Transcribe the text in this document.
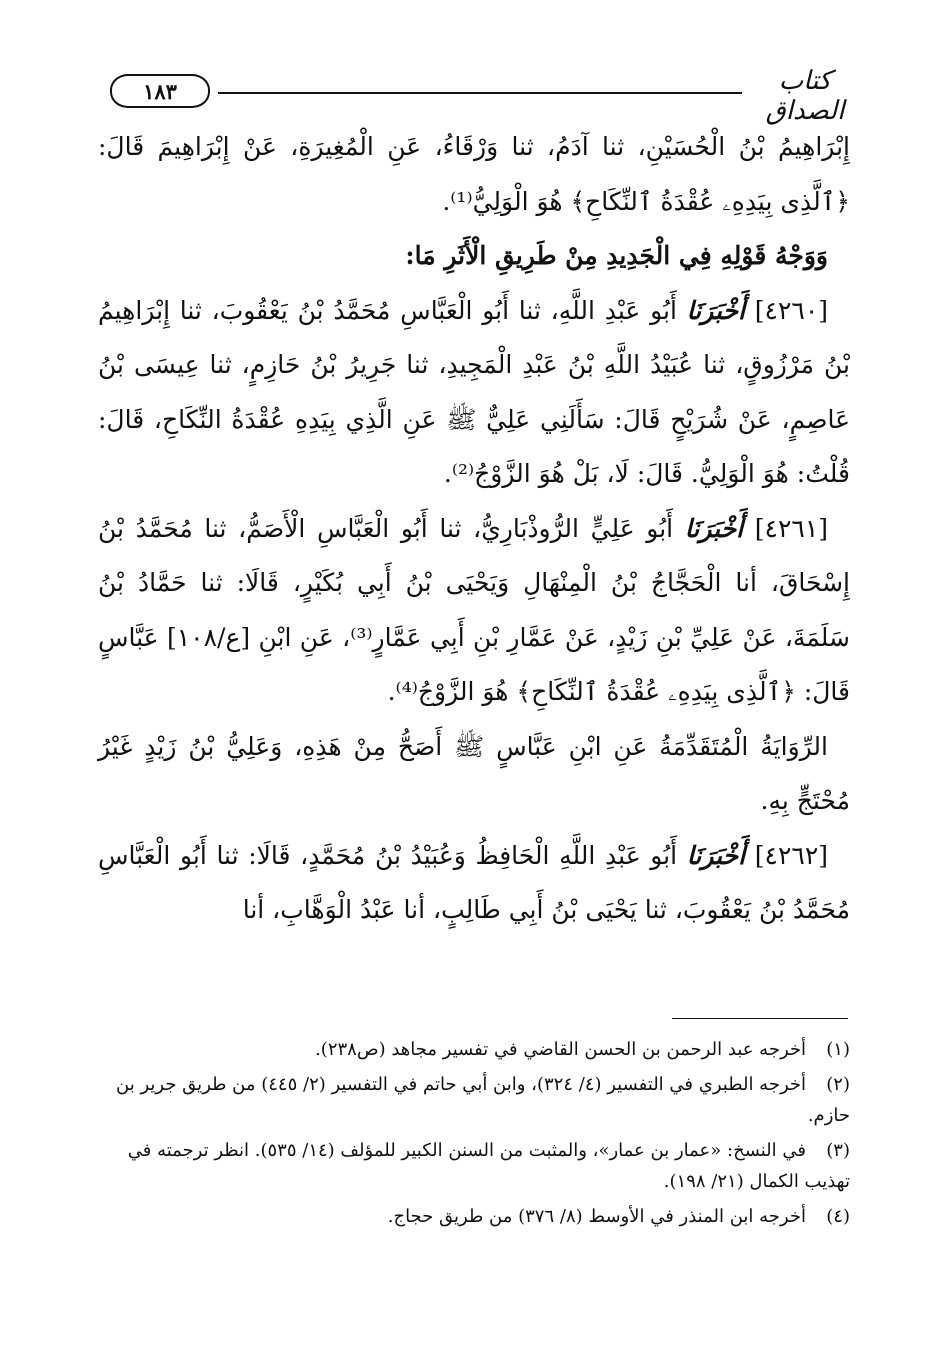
١٨٣	كتاب الصداق

إِبْرَاهِيمُ بْنُ الْحُسَيْنِ، ثنا آدَمُ، ثنا وَرْقَاءُ، عَنِ الْمُغِيرَةِ، عَنْ إِبْرَاهِيمَ قَالَ: ﴿ٱلَّذِى بِيَدِهِۦ عُقْدَةُ ٱلنِّكَاحِ﴾ هُوَ الْوَلِيُّ⁽¹⁾.

وَوَجْهُ قَوْلِهِ فِي الْجَدِيدِ مِنْ طَرِيقِ الْأَثَرِ مَا:

[٤٢٦٠] أَخْبَرَنَا أَبُو عَبْدِ اللَّهِ، ثنا أَبُو الْعَبَّاسِ مُحَمَّدُ بْنُ يَعْقُوبَ، ثنا إِبْرَاهِيمُ بْنُ مَرْزُوقٍ، ثنا عُبَيْدُ اللَّهِ بْنُ عَبْدِ الْمَجِيدِ، ثنا جَرِيرُ بْنُ حَازِمٍ، ثنا عِيسَى بْنُ عَاصِمٍ، عَنْ شُرَيْحٍ قَالَ: سَأَلَنِي عَلِيٌّ ﷺ عَنِ الَّذِي بِيَدِهِ عُقْدَةُ النِّكَاحِ، قَالَ: قُلْتُ: هُوَ الْوَلِيُّ. قَالَ: لَا، بَلْ هُوَ الزَّوْجُ⁽²⁾.

[٤٢٦١] أَخْبَرَنَا أَبُو عَلِيٍّ الرُّوذْبَارِيُّ، ثنا أَبُو الْعَبَّاسِ الْأَصَمُّ، ثنا مُحَمَّدُ بْنُ إِسْحَاقَ، أنا الْحَجَّاجُ بْنُ الْمِنْهَالِ وَيَحْيَى بْنُ أَبِي بُكَيْرٍ، قَالَا: ثنا حَمَّادُ بْنُ سَلَمَةَ، عَنْ عَلِيِّ بْنِ زَيْدٍ، عَنْ عَمَّارِ بْنِ أَبِي عَمَّارٍ⁽³⁾، عَنِ ابْنِ [ع/١٠٨] عَبَّاسٍ قَالَ: ﴿ٱلَّذِى بِيَدِهِۦ عُقْدَةُ ٱلنِّكَاحِ﴾ هُوَ الزَّوْجُ⁽⁴⁾.

الرِّوَايَةُ الْمُتَقَدِّمَةُ عَنِ ابْنِ عَبَّاسٍ ﷺ أَصَحُّ مِنْ هَذِهِ، وَعَلِيُّ بْنُ زَيْدٍ غَيْرُ مُحْتَجٍّ بِهِ.

[٤٢٦٢] أَخْبَرَنَا أَبُو عَبْدِ اللَّهِ الْحَافِظُ وَعُبَيْدُ بْنُ مُحَمَّدٍ، قَالَا: ثنا أَبُو الْعَبَّاسِ مُحَمَّدُ بْنُ يَعْقُوبَ، ثنا يَحْيَى بْنُ أَبِي طَالِبٍ، أنا عَبْدُ الْوَهَّابِ، أنا

(١)أخرجه عبد الرحمن بن الحسن القاضي في تفسير مجاهد (ص٢٣٨).

(٢)أخرجه الطبري في التفسير (٤/ ٣٢٤)، وابن أبي حاتم في التفسير (٢/ ٤٤٥) من طريق جرير بن حازم.

(٣)في النسخ: «عمار بن عمار»، والمثبت من السنن الكبير للمؤلف (١٤/ ٥٣٥). انظر ترجمته في تهذيب الكمال (٢١/ ١٩٨).

(٤)أخرجه ابن المنذر في الأوسط (٨/ ٣٧٦) من طريق حجاج.
